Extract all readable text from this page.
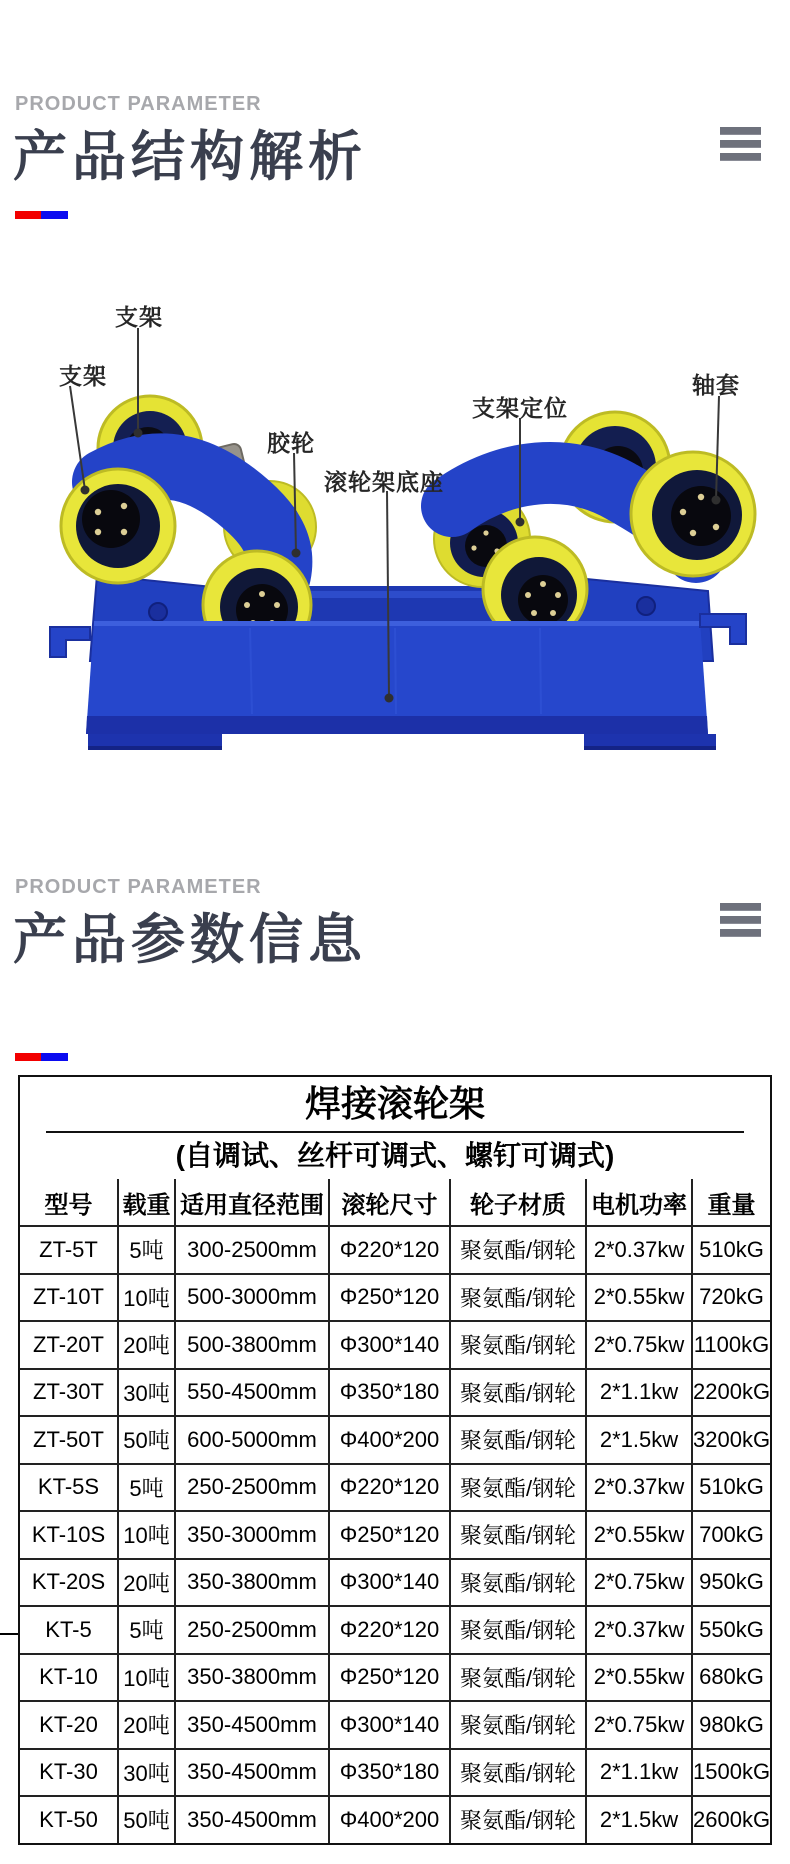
PRODUCT PARAMETER
产品结构解析
支架
支架
胶轮
滚轮架底座
支架定位
轴套
PRODUCT PARAMETER
产品参数信息
焊接滚轮架
(自调试、丝杆可调式、螺钉可调式)
型号	载重	适用直径范围	滚轮尺寸	轮子材质	电机功率	重量
ZT-5T	5吨	300-2500mm	Φ220*120	聚氨酯/钢轮	2*0.37kw	510kG
ZT-10T	10吨	500-3000mm	Φ250*120	聚氨酯/钢轮	2*0.55kw	720kG
ZT-20T	20吨	500-3800mm	Φ300*140	聚氨酯/钢轮	2*0.75kw	1100kG
ZT-30T	30吨	550-4500mm	Φ350*180	聚氨酯/钢轮	2*1.1kw	2200kG
ZT-50T	50吨	600-5000mm	Φ400*200	聚氨酯/钢轮	2*1.5kw	3200kG
KT-5S	5吨	250-2500mm	Φ220*120	聚氨酯/钢轮	2*0.37kw	510kG
KT-10S	10吨	350-3000mm	Φ250*120	聚氨酯/钢轮	2*0.55kw	700kG
KT-20S	20吨	350-3800mm	Φ300*140	聚氨酯/钢轮	2*0.75kw	950kG
KT-5	5吨	250-2500mm	Φ220*120	聚氨酯/钢轮	2*0.37kw	550kG
KT-10	10吨	350-3800mm	Φ250*120	聚氨酯/钢轮	2*0.55kw	680kG
KT-20	20吨	350-4500mm	Φ300*140	聚氨酯/钢轮	2*0.75kw	980kG
KT-30	30吨	350-4500mm	Φ350*180	聚氨酯/钢轮	2*1.1kw	1500kG
KT-50	50吨	350-4500mm	Φ400*200	聚氨酯/钢轮	2*1.5kw	2600kG
